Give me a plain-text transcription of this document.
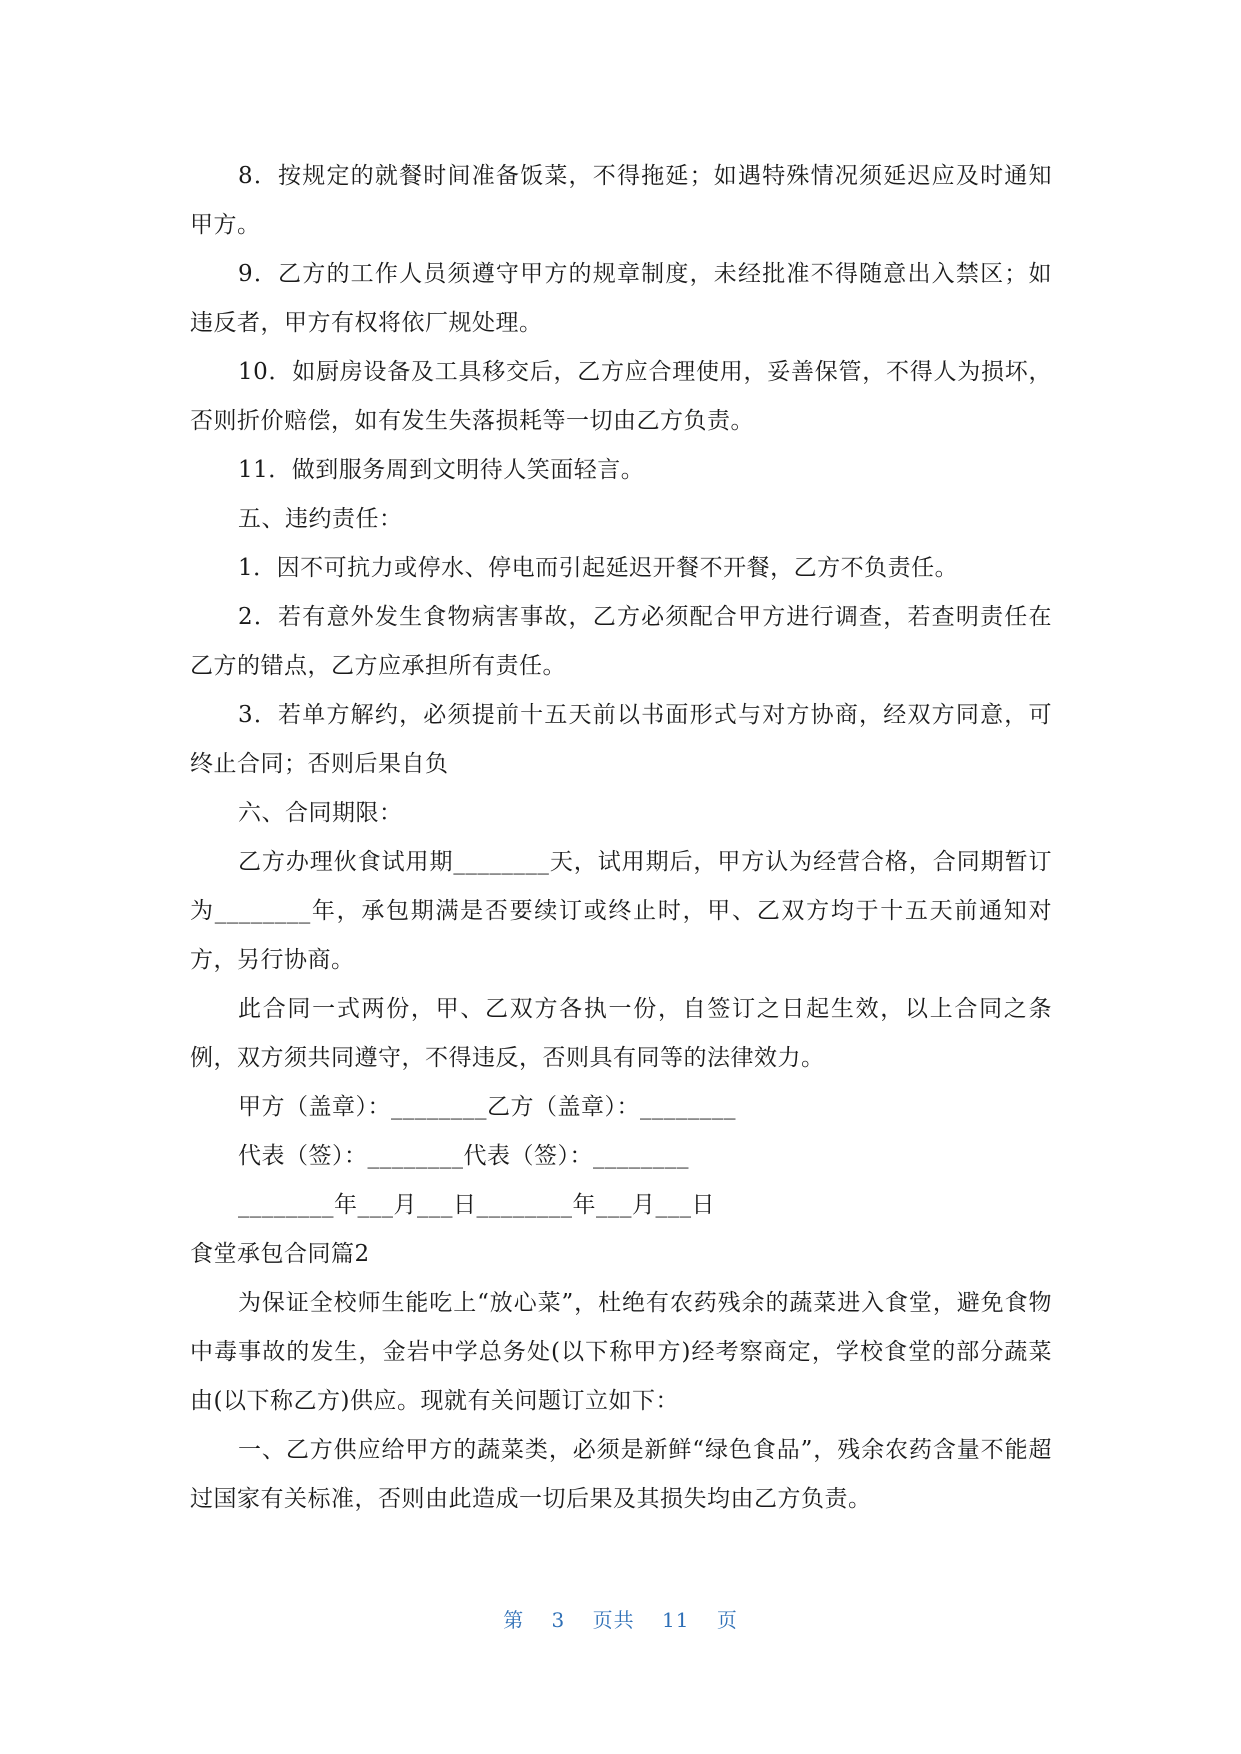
8．按规定的就餐时间准备饭菜，不得拖延；如遇特殊情况须延迟应及时通知甲方。

9．乙方的工作人员须遵守甲方的规章制度，未经批准不得随意出入禁区；如违反者，甲方有权将依厂规处理。

10．如厨房设备及工具移交后，乙方应合理使用，妥善保管，不得人为损坏，否则折价赔偿，如有发生失落损耗等一切由乙方负责。

11．做到服务周到文明待人笑面轻言。

五、违约责任：

1．因不可抗力或停水、停电而引起延迟开餐不开餐，乙方不负责任。

2．若有意外发生食物病害事故，乙方必须配合甲方进行调查，若查明责任在乙方的错点，乙方应承担所有责任。

3．若单方解约，必须提前十五天前以书面形式与对方协商，经双方同意，可终止合同；否则后果自负

六、合同期限：

乙方办理伙食试用期________天，试用期后，甲方认为经营合格，合同期暂订为________年，承包期满是否要续订或终止时，甲、乙双方均于十五天前通知对方，另行协商。

此合同一式两份，甲、乙双方各执一份，自签订之日起生效，以上合同之条例，双方须共同遵守，不得违反，否则具有同等的法律效力。

甲方（盖章）：________乙方（盖章）：________

代表（签）：________代表（签）：________

________年___月___日________年___月___日

食堂承包合同篇2

为保证全校师生能吃上“放心菜”，杜绝有农药残余的蔬菜进入食堂，避免食物中毒事故的发生，金岩中学总务处(以下称甲方)经考察商定，学校食堂的部分蔬菜由(以下称乙方)供应。现就有关问题订立如下：

一、乙方供应给甲方的蔬菜类，必须是新鲜“绿色食品”，残余农药含量不能超过国家有关标准，否则由此造成一切后果及其损失均由乙方负责。

第 3 页共 11 页
